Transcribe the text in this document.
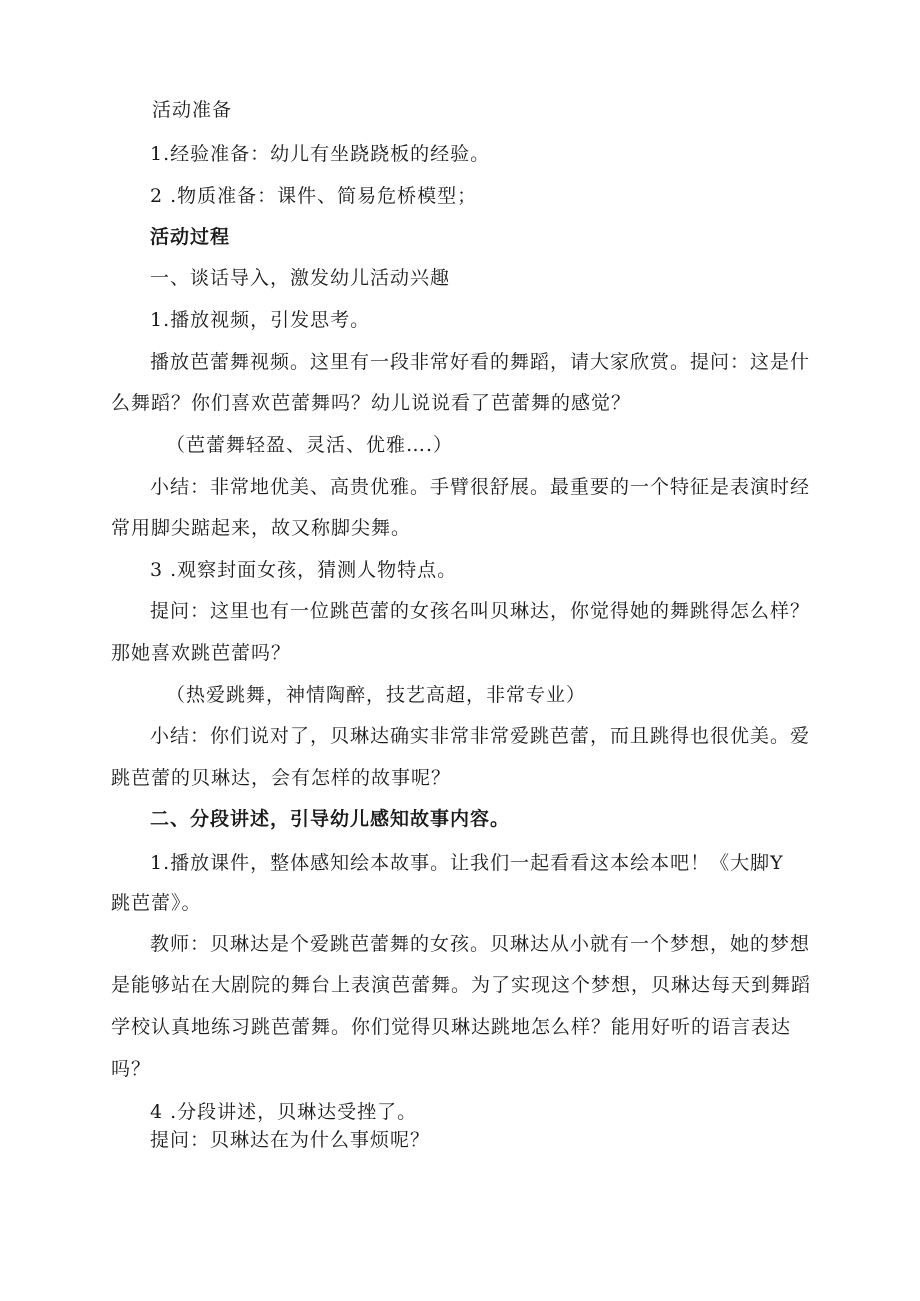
活动准备
1.经验准备：幼儿有坐跷跷板的经验。
2 .物质准备：课件、简易危桥模型；
活动过程
一、谈话导入，激发幼儿活动兴趣
1.播放视频，引发思考。
播放芭蕾舞视频。这里有一段非常好看的舞蹈，请大家欣赏。提问：这是什
么舞蹈？你们喜欢芭蕾舞吗？幼儿说说看了芭蕾舞的感觉？
（芭蕾舞轻盈、灵活、优雅….）
小结：非常地优美、高贵优雅。手臂很舒展。最重要的一个特征是表演时经
常用脚尖踮起来，故又称脚尖舞。
3 .观察封面女孩，猜测人物特点。
提问：这里也有一位跳芭蕾的女孩名叫贝琳达，你觉得她的舞跳得怎么样？
那她喜欢跳芭蕾吗？
（热爱跳舞，神情陶醉，技艺高超，非常专业）
小结：你们说对了，贝琳达确实非常非常爱跳芭蕾，而且跳得也很优美。爱
跳芭蕾的贝琳达，会有怎样的故事呢？
二、分段讲述，引导幼儿感知故事内容。
1.播放课件，整体感知绘本故事。让我们一起看看这本绘本吧！《大脚Y
跳芭蕾》。
教师：贝琳达是个爱跳芭蕾舞的女孩。贝琳达从小就有一个梦想，她的梦想
是能够站在大剧院的舞台上表演芭蕾舞。为了实现这个梦想，贝琳达每天到舞蹈
学校认真地练习跳芭蕾舞。你们觉得贝琳达跳地怎么样？能用好听的语言表达
吗？
4 .分段讲述，贝琳达受挫了。
提问：贝琳达在为什么事烦呢？
